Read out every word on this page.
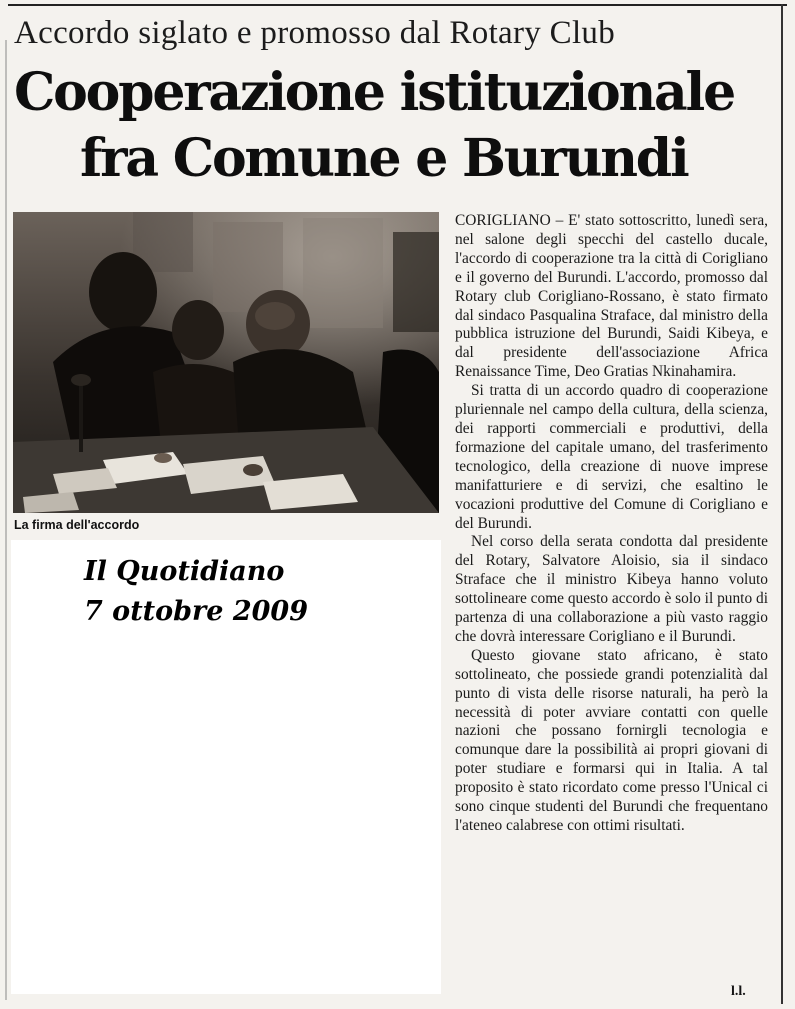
Accordo siglato e promosso dal Rotary Club
Cooperazione istituzionale
fra Comune e Burundi
La firma dell'accordo
Il Quotidiano
7 ottobre 2009

CORIGLIANO – E' stato sottoscritto, lunedì sera, nel salone degli specchi del castello ducale, l'accordo di cooperazione tra la città di Corigliano e il governo del Burundi. L'accordo, promosso dal Rotary club Corigliano-Rossano, è stato firmato dal sindaco Pasqualina Straface, dal ministro della pubblica istruzione del Burundi, Saidi Kibeya, e dal presidente dell'associazione Africa Renaissance Time, Deo Gratias Nkinahamira.

Si tratta di un accordo quadro di cooperazione pluriennale nel campo della cultura, della scienza, dei rapporti commerciali e produttivi, della formazione del capitale umano, del trasferimento tecnologico, della creazione di nuove imprese manifatturiere e di servizi, che esaltino le vocazioni produttive del Comune di Corigliano e del Burundi.

Nel corso della serata condotta dal presidente del Rotary, Salvatore Aloisio, sia il sindaco Straface che il ministro Kibeya hanno voluto sottolineare come questo accordo è solo il punto di partenza di una collaborazione a più vasto raggio che dovrà interessare Corigliano e il Burundi.

Questo giovane stato africano, è stato sottolineato, che possiede grandi potenzialità dal punto di vista delle risorse naturali, ha però la necessità di poter avviare contatti con quelle nazioni che possano fornirgli tecnologia e comunque dare la possibilità ai propri giovani di poter studiare e formarsi qui in Italia. A tal proposito è stato ricordato come presso l'Unical ci sono cinque studenti del Burundi che frequentano l'ateneo calabrese con ottimi risultati.

l.l.
